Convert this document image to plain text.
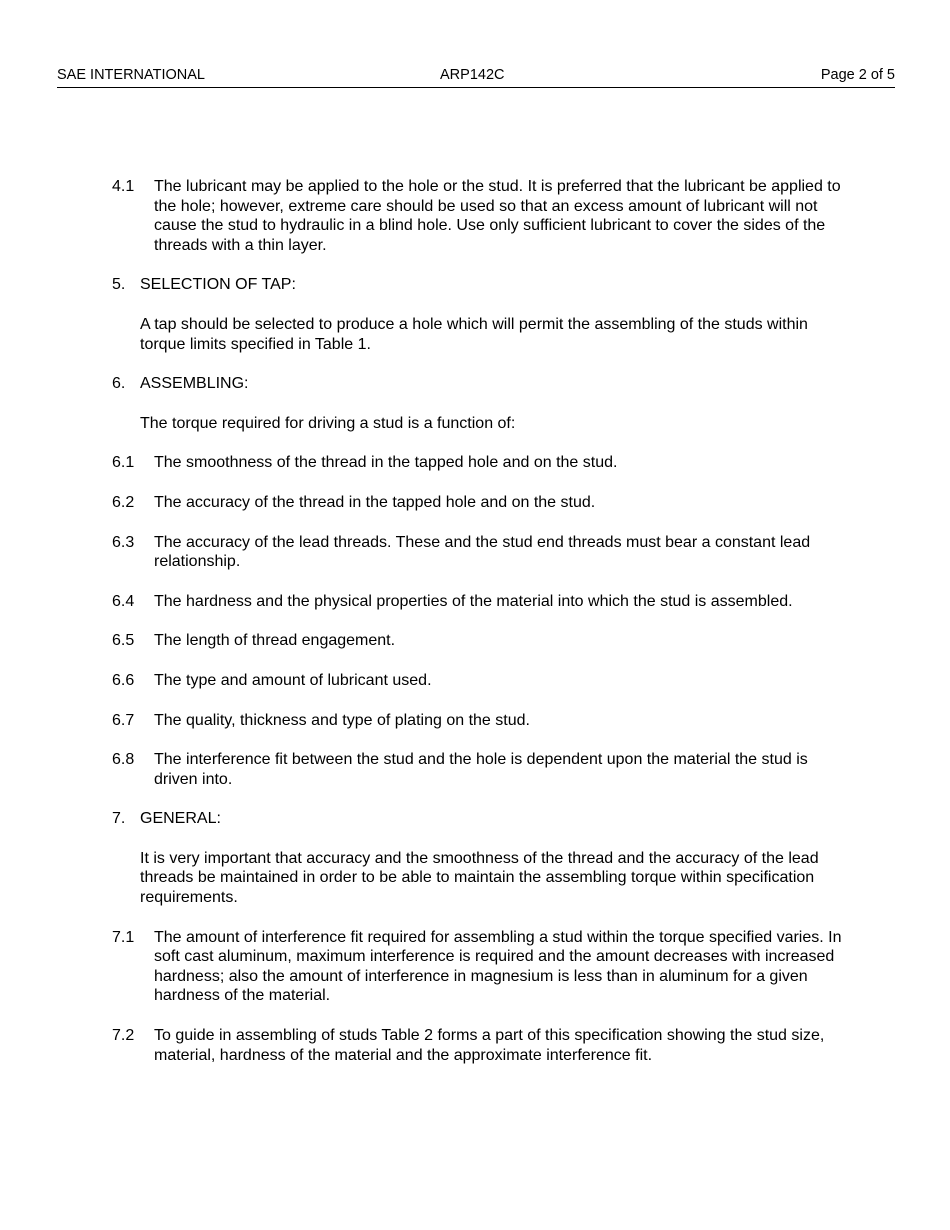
SAE INTERNATIONAL	ARP142C	Page 2 of 5
4.1	The lubricant may be applied to the hole or the stud. It is preferred that the lubricant be applied to the hole; however, extreme care should be used so that an excess amount of lubricant will not cause the stud to hydraulic in a blind hole. Use only sufficient lubricant to cover the sides of the threads with a thin layer.
5. SELECTION OF TAP:
A tap should be selected to produce a hole which will permit the assembling of the studs within torque limits specified in Table 1.
6. ASSEMBLING:
The torque required for driving a stud is a function of:
6.1	The smoothness of the thread in the tapped hole and on the stud.
6.2	The accuracy of the thread in the tapped hole and on the stud.
6.3	The accuracy of the lead threads. These and the stud end threads must bear a constant lead relationship.
6.4	The hardness and the physical properties of the material into which the stud is assembled.
6.5	The length of thread engagement.
6.6	The type and amount of lubricant used.
6.7	The quality, thickness and type of plating on the stud.
6.8	The interference fit between the stud and the hole is dependent upon the material the stud is driven into.
7. GENERAL:
It is very important that accuracy and the smoothness of the thread and the accuracy of the lead threads be maintained in order to be able to maintain the assembling torque within specification requirements.
7.1	The amount of interference fit required for assembling a stud within the torque specified varies. In soft cast aluminum, maximum interference is required and the amount decreases with increased hardness; also the amount of interference in magnesium is less than in aluminum for a given hardness of the material.
7.2	To guide in assembling of studs Table 2 forms a part of this specification showing the stud size, material, hardness of the material and the approximate interference fit.
